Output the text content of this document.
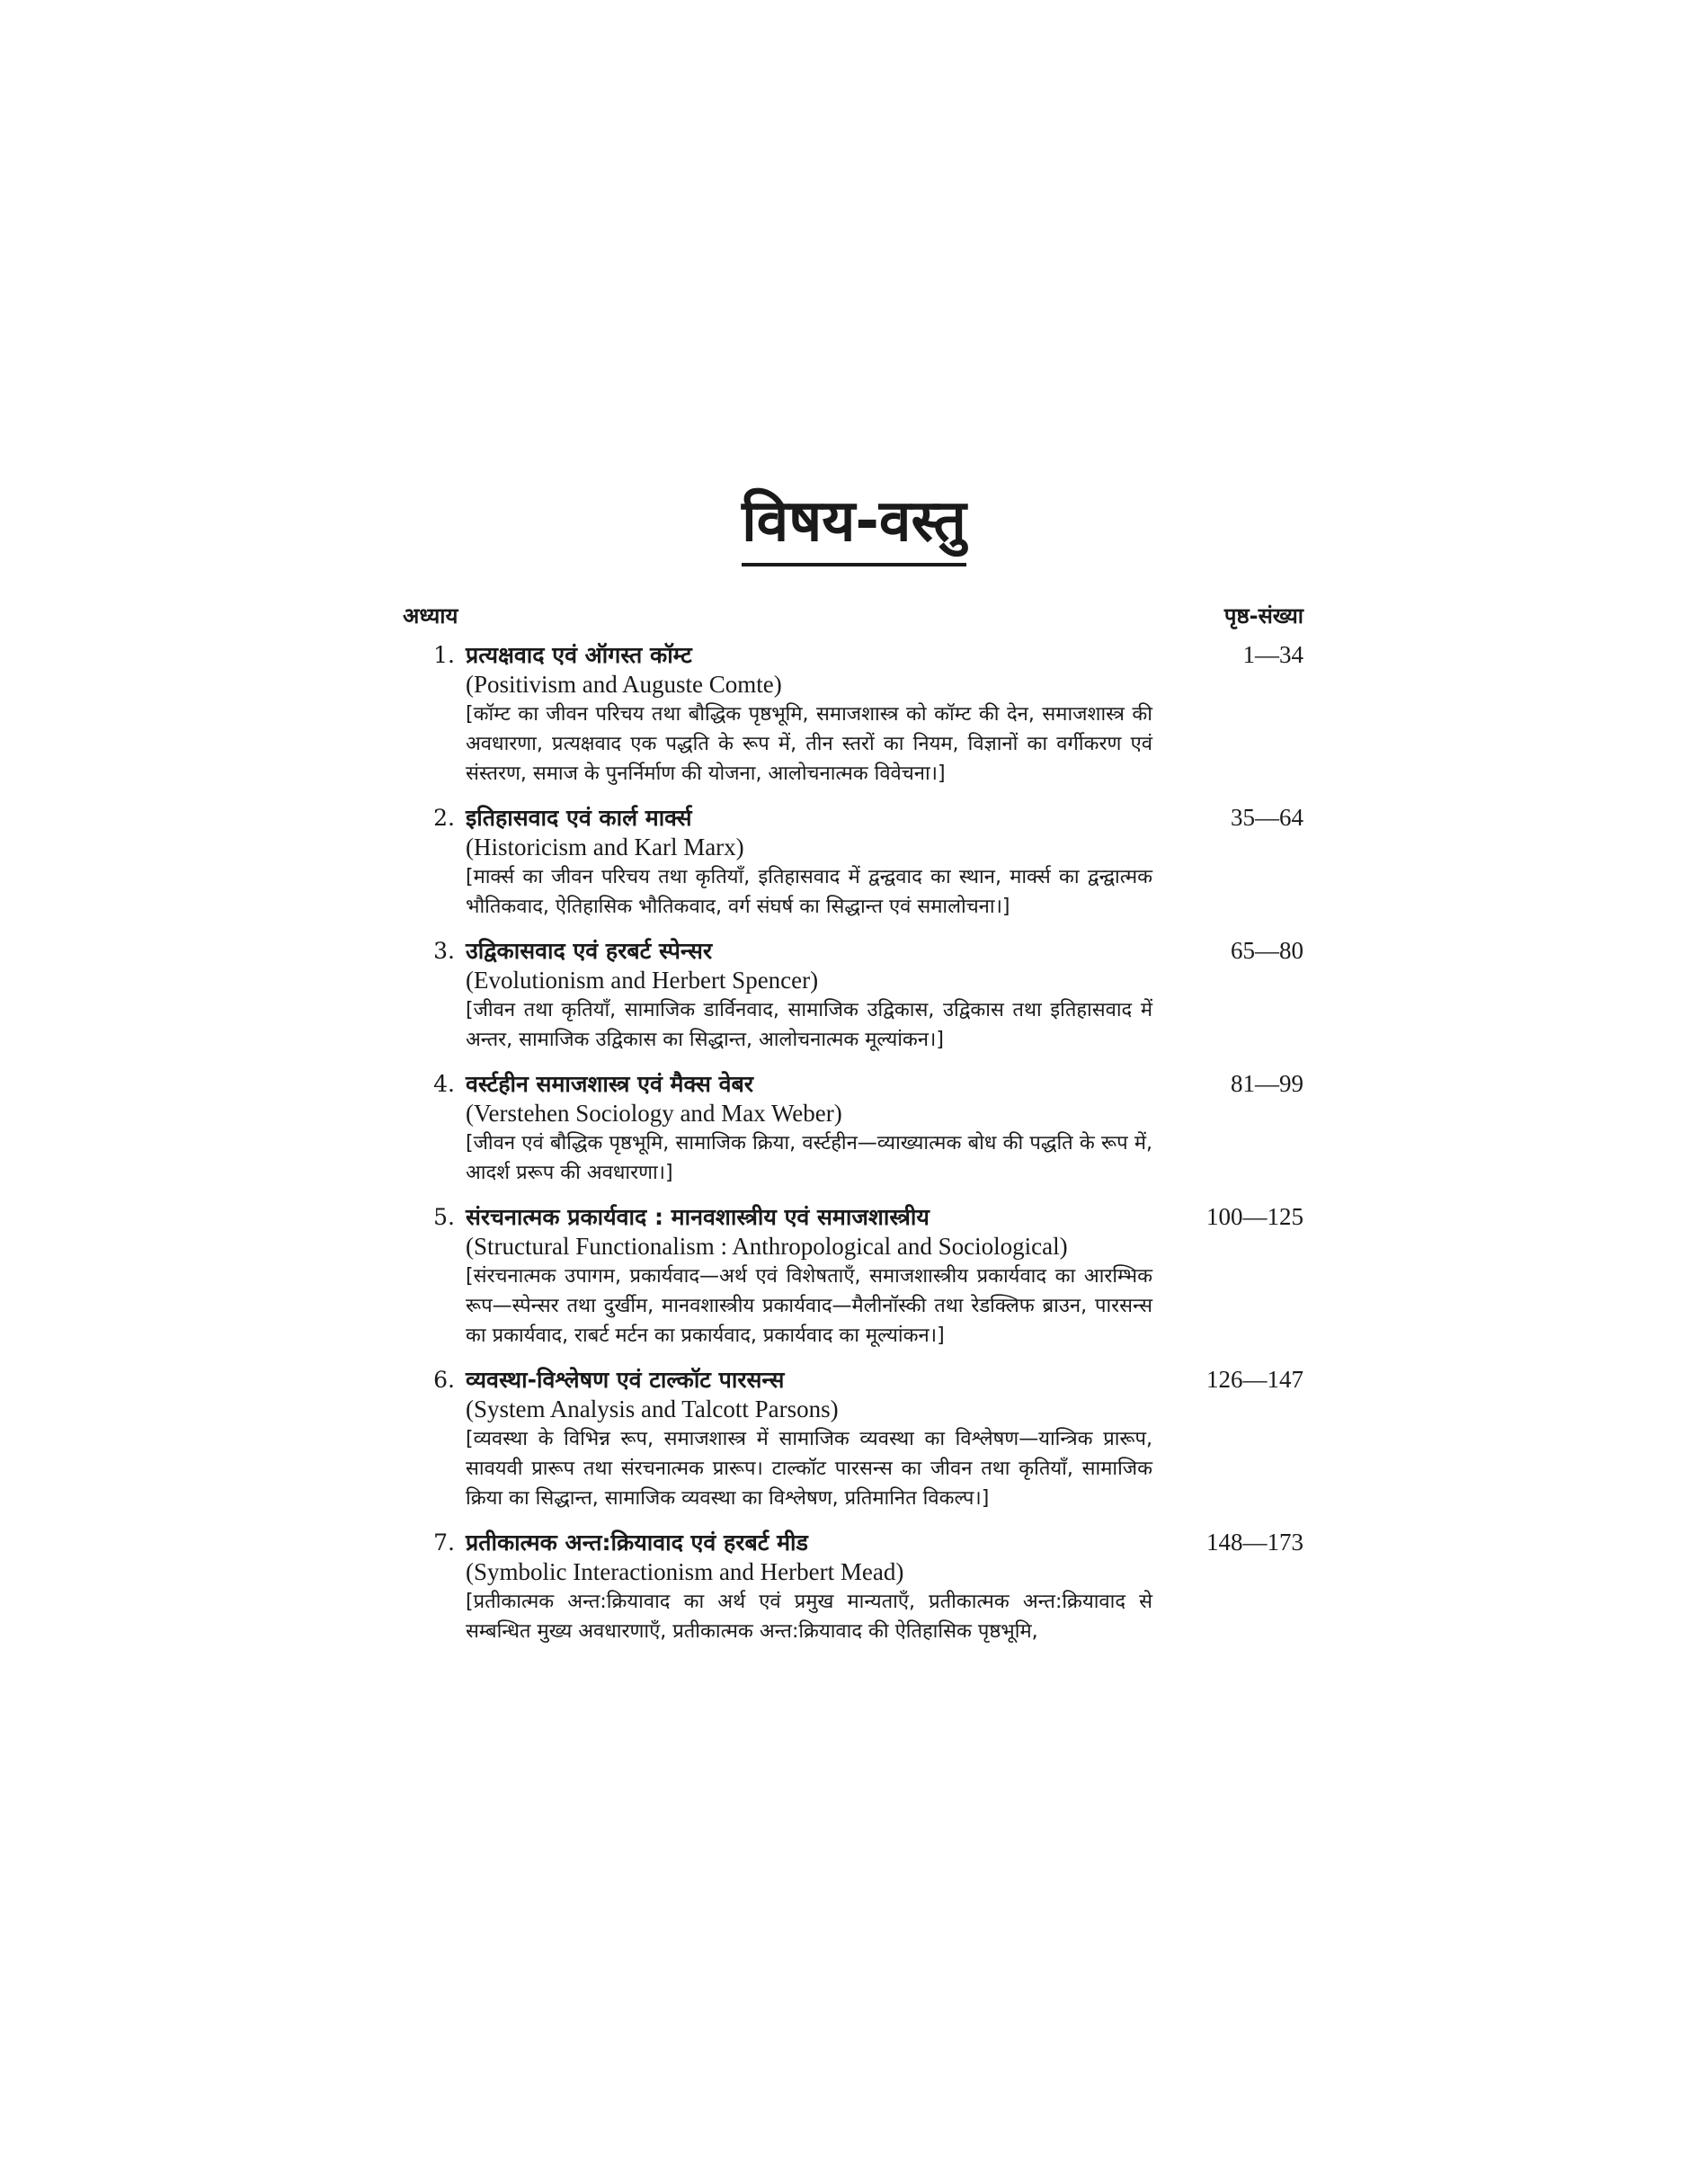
विषय-वस्तु
अध्याय	पृष्ठ-संख्या
1. प्रत्यक्षवाद एवं ऑगस्त कॉम्ट
(Positivism and Auguste Comte)
[कॉम्ट का जीवन परिचय तथा बौद्धिक पृष्ठभूमि, समाजशास्त्र को कॉम्ट की देन, समाजशास्त्र की अवधारणा, प्रत्यक्षवाद एक पद्धति के रूप में, तीन स्तरों का नियम, विज्ञानों का वर्गीकरण एवं संस्तरण, समाज के पुनर्निर्माण की योजना, आलोचनात्मक विवेचना।]
1—34
2. इतिहासवाद एवं कार्ल मार्क्स
(Historicism and Karl Marx)
[मार्क्स का जीवन परिचय तथा कृतियाँ, इतिहासवाद में द्वन्द्ववाद का स्थान, मार्क्स का द्वन्द्वात्मक भौतिकवाद, ऐतिहासिक भौतिकवाद, वर्ग संघर्ष का सिद्धान्त एवं समालोचना।]
35—64
3. उद्विकासवाद एवं हरबर्ट स्पेन्सर
(Evolutionism and Herbert Spencer)
[जीवन तथा कृतियाँ, सामाजिक डार्विनवाद, सामाजिक उद्विकास, उद्विकास तथा इतिहासवाद में अन्तर, सामाजिक उद्विकास का सिद्धान्त, आलोचनात्मक मूल्यांकन।]
65—80
4. वर्स्टहीन समाजशास्त्र एवं मैक्स वेबर
(Verstehen Sociology and Max Weber)
[जीवन एवं बौद्धिक पृष्ठभूमि, सामाजिक क्रिया, वर्स्टहीन—व्याख्यात्मक बोध की पद्धति के रूप में, आदर्श प्ररूप की अवधारणा।]
81—99
5. संरचनात्मक प्रकार्यवाद : मानवशास्त्रीय एवं समाजशास्त्रीय
(Structural Functionalism : Anthropological and Sociological)
[संरचनात्मक उपागम, प्रकार्यवाद—अर्थ एवं विशेषताएँ, समाजशास्त्रीय प्रकार्यवाद का आरम्भिक रूप—स्पेन्सर तथा दुर्खीम, मानवशास्त्रीय प्रकार्यवाद—मैलीनॉस्की तथा रेडक्लिफ ब्राउन, पारसन्स का प्रकार्यवाद, राबर्ट मर्टन का प्रकार्यवाद, प्रकार्यवाद का मूल्यांकन।]
100—125
6. व्यवस्था-विश्लेषण एवं टाल्कॉट पारसन्स
(System Analysis and Talcott Parsons)
[व्यवस्था के विभिन्न रूप, समाजशास्त्र में सामाजिक व्यवस्था का विश्लेषण—यान्त्रिक प्रारूप, सावयवी प्रारूप तथा संरचनात्मक प्रारूप। टाल्कॉट पारसन्स का जीवन तथा कृतियाँ, सामाजिक क्रिया का सिद्धान्त, सामाजिक व्यवस्था का विश्लेषण, प्रतिमानित विकल्प।]
126—147
7. प्रतीकात्मक अन्त:क्रियावाद एवं हरबर्ट मीड
(Symbolic Interactionism and Herbert Mead)
[प्रतीकात्मक अन्त:क्रियावाद का अर्थ एवं प्रमुख मान्यताएँ, प्रतीकात्मक अन्त:क्रियावाद से सम्बन्धित मुख्य अवधारणाएँ, प्रतीकात्मक अन्त:क्रियावाद की ऐतिहासिक पृष्ठभूमि,
148—173
